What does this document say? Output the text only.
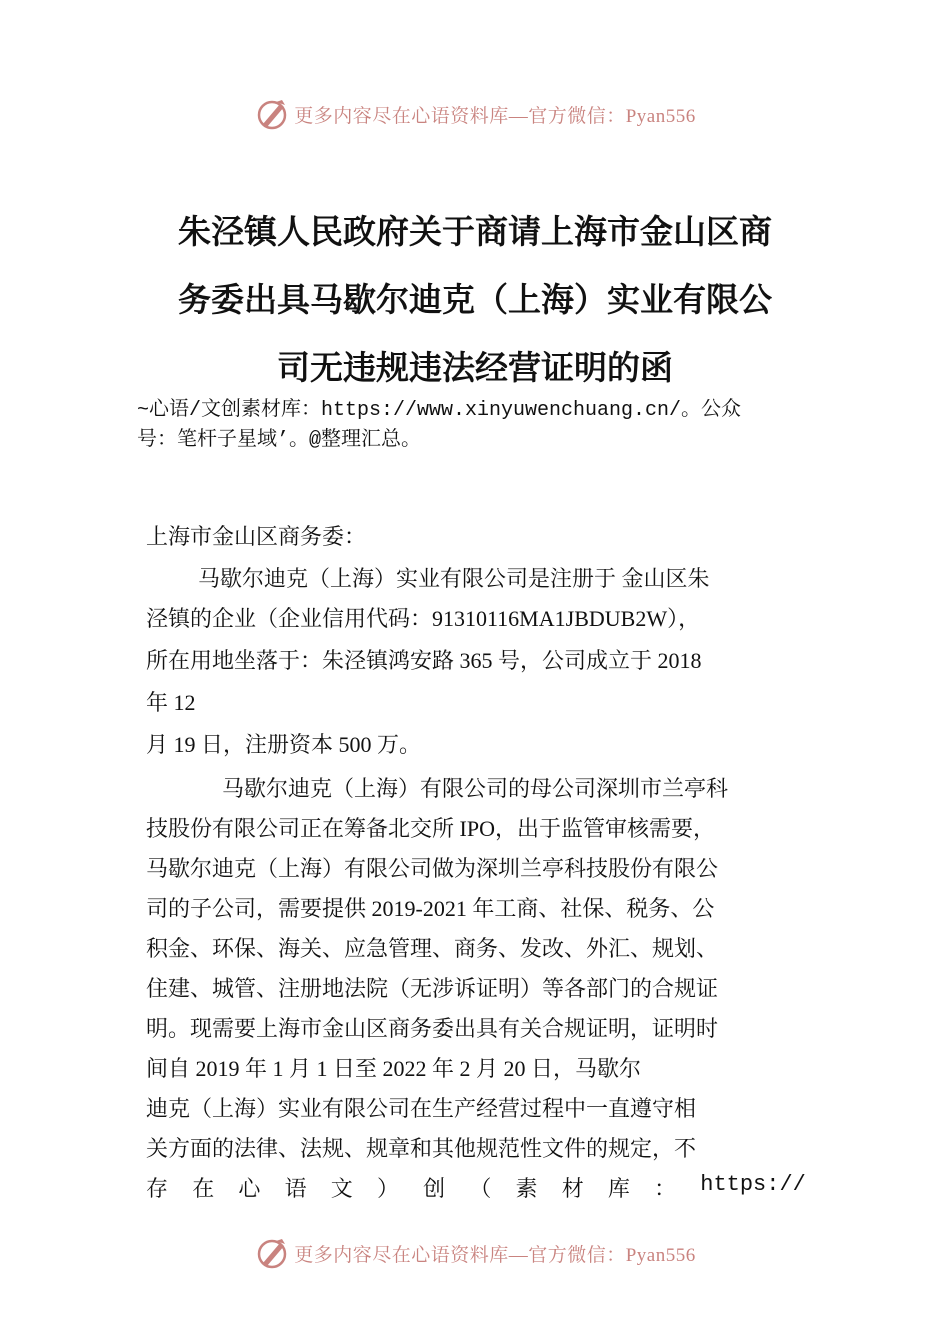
更多内容尽在心语资料库—官方微信：Pyan556
朱泾镇人民政府关于商请上海市金山区商
务委出具马歇尔迪克（上海）实业有限公
司无违规违法经营证明的函
~心语/文创素材库：https://www.xinyuwenchuang.cn/。公众
号：笔杆子星域’。@整理汇总。
上海市金山区商务委：
马歇尔迪克（上海）实业有限公司是注册于 金山区朱
泾镇的企业（企业信用代码：91310116MA1JBDUB2W），
所在用地坐落于：朱泾镇鸿安路 365 号，公司成立于 2018
年 12
月 19 日，注册资本 500 万。
马歇尔迪克（上海）有限公司的母公司深圳市兰亭科
技股份有限公司正在筹备北交所 IPO，出于监管审核需要，
马歇尔迪克（上海）有限公司做为深圳兰亭科技股份有限公
司的子公司，需要提供 2019-2021 年工商、社保、税务、公
积金、环保、海关、应急管理、商务、发改、外汇、规划、
住建、城管、注册地法院（无涉诉证明）等各部门的合规证
明。现需要上海市金山区商务委出具有关合规证明，证明时
间自 2019 年 1 月 1 日至 2022 年 2 月 20 日，马歇尔
迪克（上海）实业有限公司在生产经营过程中一直遵守相
关方面的法律、法规、规章和其他规范性文件的规定，不
存 在 心 语 文 ） 创 （ 素 材 库 ： https://
更多内容尽在心语资料库—官方微信：Pyan556
